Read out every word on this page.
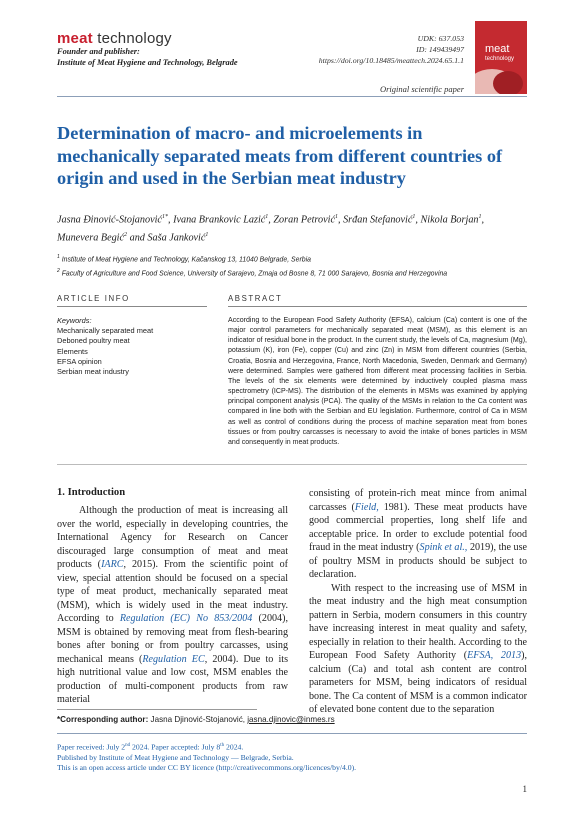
meat technology
Founder and publisher:
Institute of Meat Hygiene and Technology, Belgrade
UDK: 637.053
ID: 149439497
https://doi.org/10.18485/meattech.2024.65.1.1
meat
technology
Original scientific paper
Determination of macro- and microelements in mechanically separated meats from different countries of origin and used in the Serbian meat industry
Jasna Đinović-Stojanović$^{1*}$, Ivana Brankovic Lazić$^1$, Zoran Petrović$^1$, Srđan Stefanović$^1$, Nikola Borjan$^1$, Munevera Begić$^2$ and Saša Janković$^1$
$^1$ Institute of Meat Hygiene and Technology, Kačanskog 13, 11040 Belgrade, Serbia
$^2$ Faculty of Agriculture and Food Science, University of Sarajevo, Zmaja od Bosne 8, 71 000 Sarajevo, Bosnia and Herzegovina
ARTICLE INFO	ABSTRACT
Keywords:
Mechanically separated meat
Deboned poultry meat
Elements
EFSA opinion
Serbian meat industry
According to the European Food Safety Authority (EFSA), calcium (Ca) content is one of the major control parameters for mechanically separated meat (MSM), as this element is an indicator of residual bone in the product. In the current study, the levels of Ca, magnesium (Mg), potassium (K), iron (Fe), copper (Cu) and zinc (Zn) in MSM from different countries (Serbia, Croatia, Bosnia and Herzegovina, France, North Macedonia, Sweden, Denmark and Germany) were determined. Samples were gathered from different meat processing facilities in Serbia. The levels of the six elements were determined by inductively coupled plasma mass spectrometry (ICP-MS). The distribution of the elements in MSMs was examined by applying principal component analysis (PCA). The quality of the MSMs in relation to the Ca content was compared in line both with the Serbian and EU legislation. Furthermore, control of Ca in MSM as well as control of conditions during the process of machine separation meat from bones tissues or from poultry carcasses is necessary to avoid the intake of bones particles in MSM and consequently in meat products.
1. Introduction

Although the production of meat is increasing all over the world, especially in developing countries, the International Agency for Research on Cancer discouraged large consumption of meat and meat products (IARC, 2015). From the scientific point of view, special attention should be focused on a special type of meat product, mechanically separated meat (MSM), which is widely used in the meat industry. According to Regulation (EC) No 853/2004 (2004), MSM is obtained by removing meat from flesh-bearing bones after boning or from poultry carcasses, using mechanical means (Regulation EC, 2004). Due to its high nutritional value and low cost, MSM enables the production of multi-component products from raw material

consisting of protein-rich meat mince from animal carcasses (Field, 1981). These meat products have good commercial properties, long shelf life and acceptable price. In order to exclude potential food fraud in the meat industry (Spink et al., 2019), the use of poultry MSM in products should be subject to declaration.

With respect to the increasing use of MSM in the meat industry and the high meat consumption pattern in Serbia, modern consumers in this country have increasing interest in meat quality and safety, especially in relation to their health. According to the European Food Safety Authority (EFSA, 2013), calcium (Ca) and total ash content are control parameters for MSM, being indicators of residual bone. The Ca content of MSM is a common indicator of elevated bone content due to the separation

*Corresponding author: Jasna Djinović-Stojanović, jasna.djinovic@inmes.rs
Paper received: July 2nd 2024. Paper accepted: July 8th 2024.
Published by Institute of Meat Hygiene and Technology — Belgrade, Serbia.
This is an open access article under CC BY licence (http://creativecommons.org/licences/by/4.0).
1
